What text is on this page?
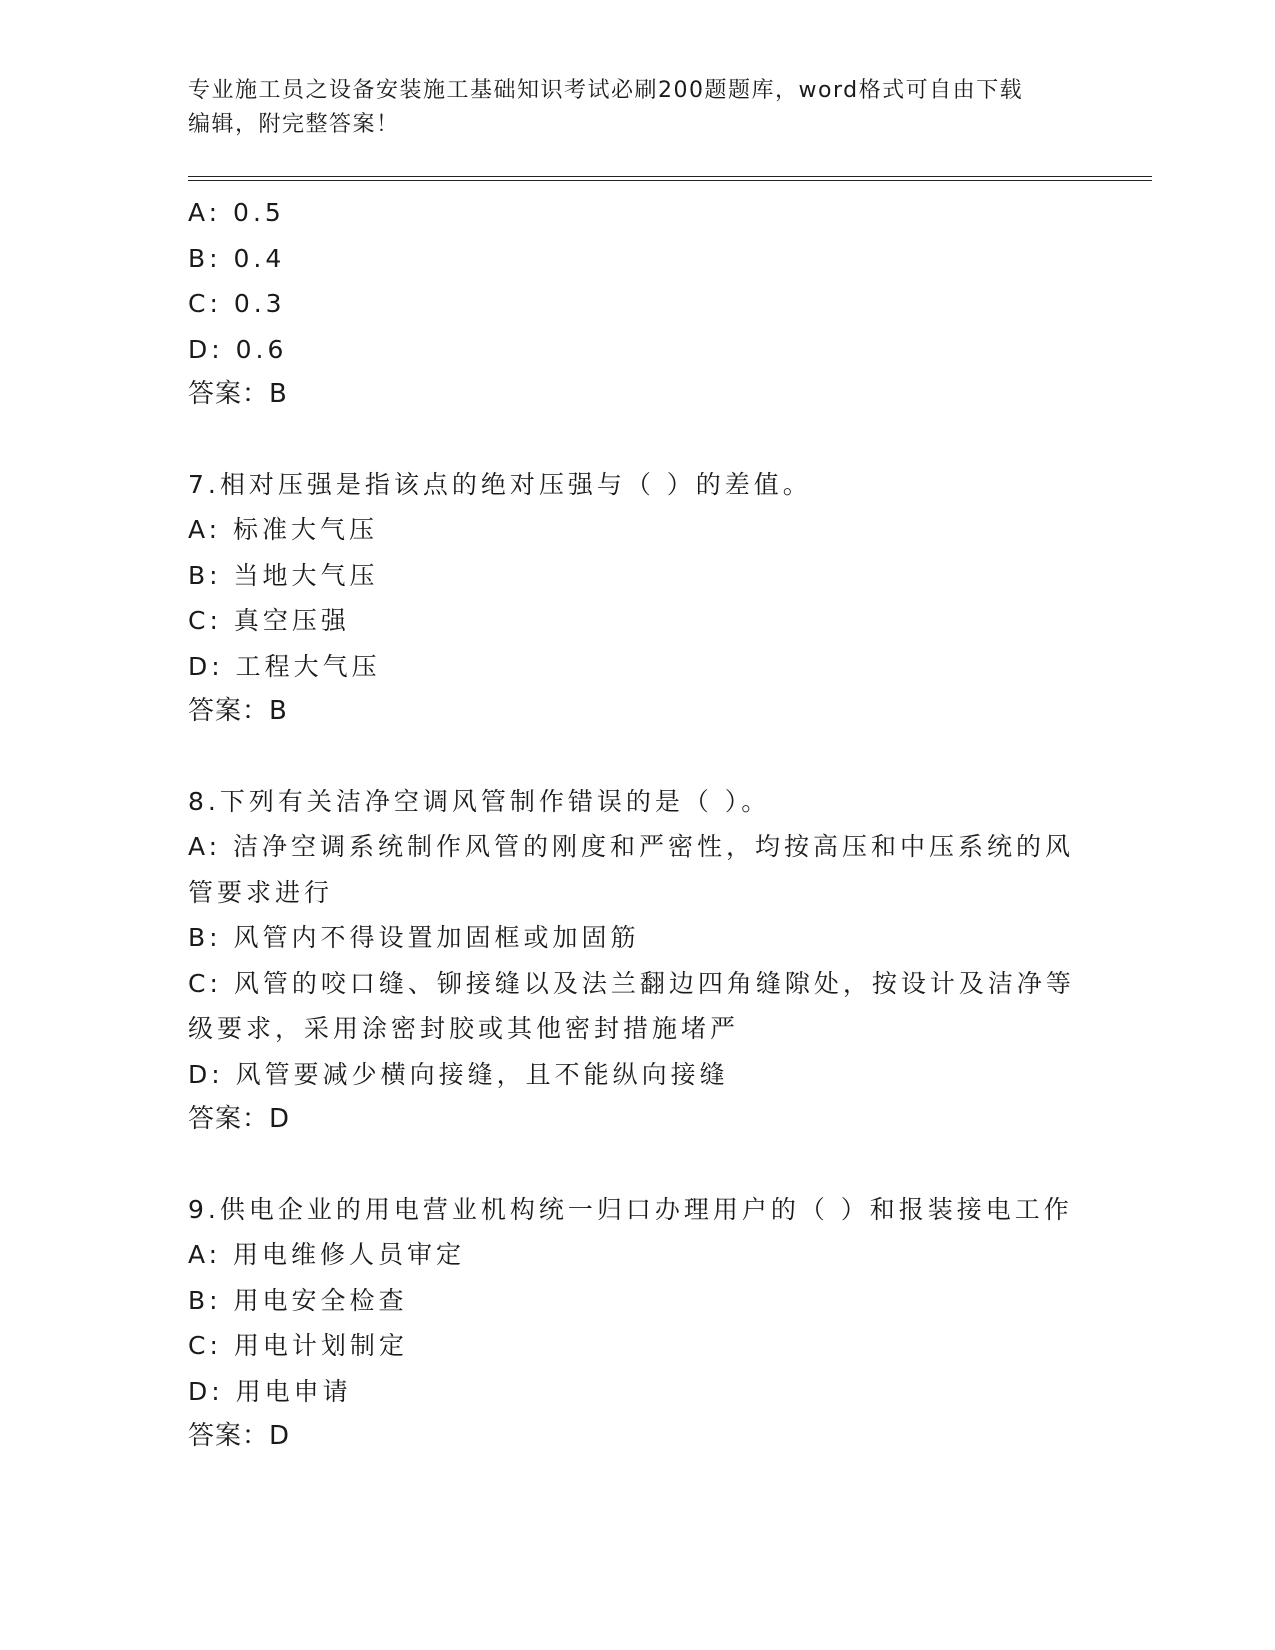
专业施工员之设备安装施工基础知识考试必刷200题题库，word格式可自由下载
编辑，附完整答案！
A: 0.5
B: 0.4
C: 0.3
D: 0.6
答案：B
7.相对压强是指该点的绝对压强与（ ）的差值。
A: 标准大气压
B: 当地大气压
C: 真空压强
D: 工程大气压
答案：B
8.下列有关洁净空调风管制作错误的是（ ）。
A: 洁净空调系统制作风管的刚度和严密性，均按高压和中压系统的风
管要求进行
B: 风管内不得设置加固框或加固筋
C: 风管的咬口缝、铆接缝以及法兰翻边四角缝隙处，按设计及洁净等
级要求，采用涂密封胶或其他密封措施堵严
D: 风管要减少横向接缝，且不能纵向接缝
答案：D
9.供电企业的用电营业机构统一归口办理用户的（ ）和报装接电工作
A: 用电维修人员审定
B: 用电安全检查
C: 用电计划制定
D: 用电申请
答案：D
